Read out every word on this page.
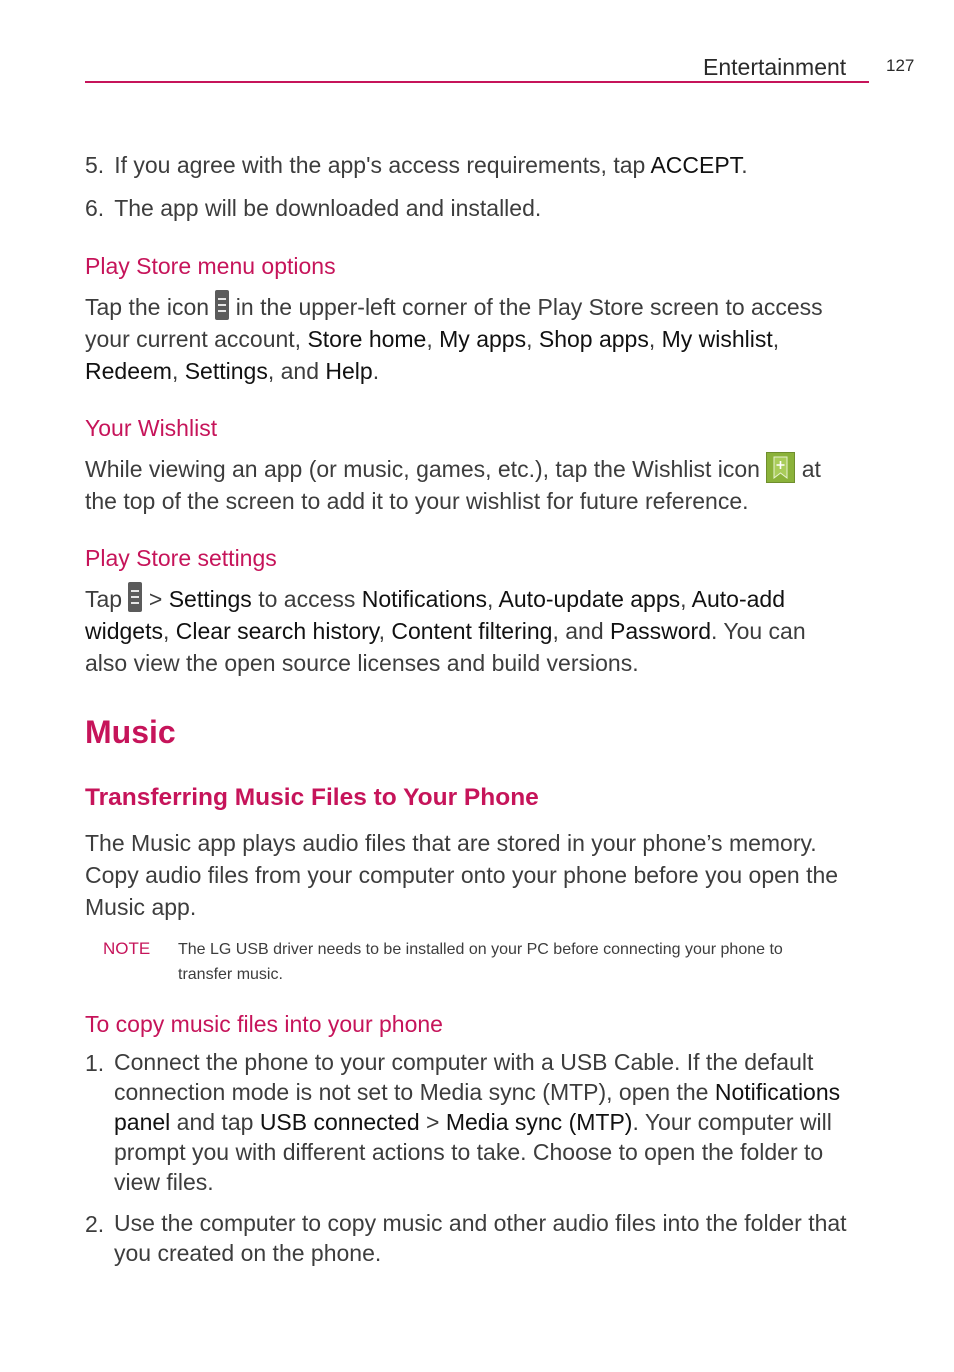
Entertainment 127
5. If you agree with the app's access requirements, tap ACCEPT.
6. The app will be downloaded and installed.
Play Store menu options
Tap the icon
in the upper-left corner of the Play Store screen to access
your current account, Store home, My apps, Shop apps, My wishlist,
Redeem, Settings, and Help.
Your Wishlist
While viewing an app (or music, games, etc.), tap the Wishlist icon
at
the top of the screen to add it to your wishlist for future reference.
Play Store settings
Tap
> Settings to access Notifications, Auto-update apps, Auto-add
widgets, Clear search history, Content filtering, and Password. You can
also view the open source licenses and build versions.
Music
Transferring Music Files to Your Phone
The Music app plays audio files that are stored in your phone’s memory.
Copy audio files from your computer onto your phone before you open the
Music app.
NOTE The LG USB driver needs to be installed on your PC before connecting your phone to
transfer music.
To copy music files into your phone
1. Connect the phone to your computer with a USB Cable. If the default
connection mode is not set to Media sync (MTP), open the Notifications
panel and tap USB connected > Media sync (MTP). Your computer will
prompt you with different actions to take. Choose to open the folder to
view files.
2. Use the computer to copy music and other audio files into the folder that
you created on the phone.
